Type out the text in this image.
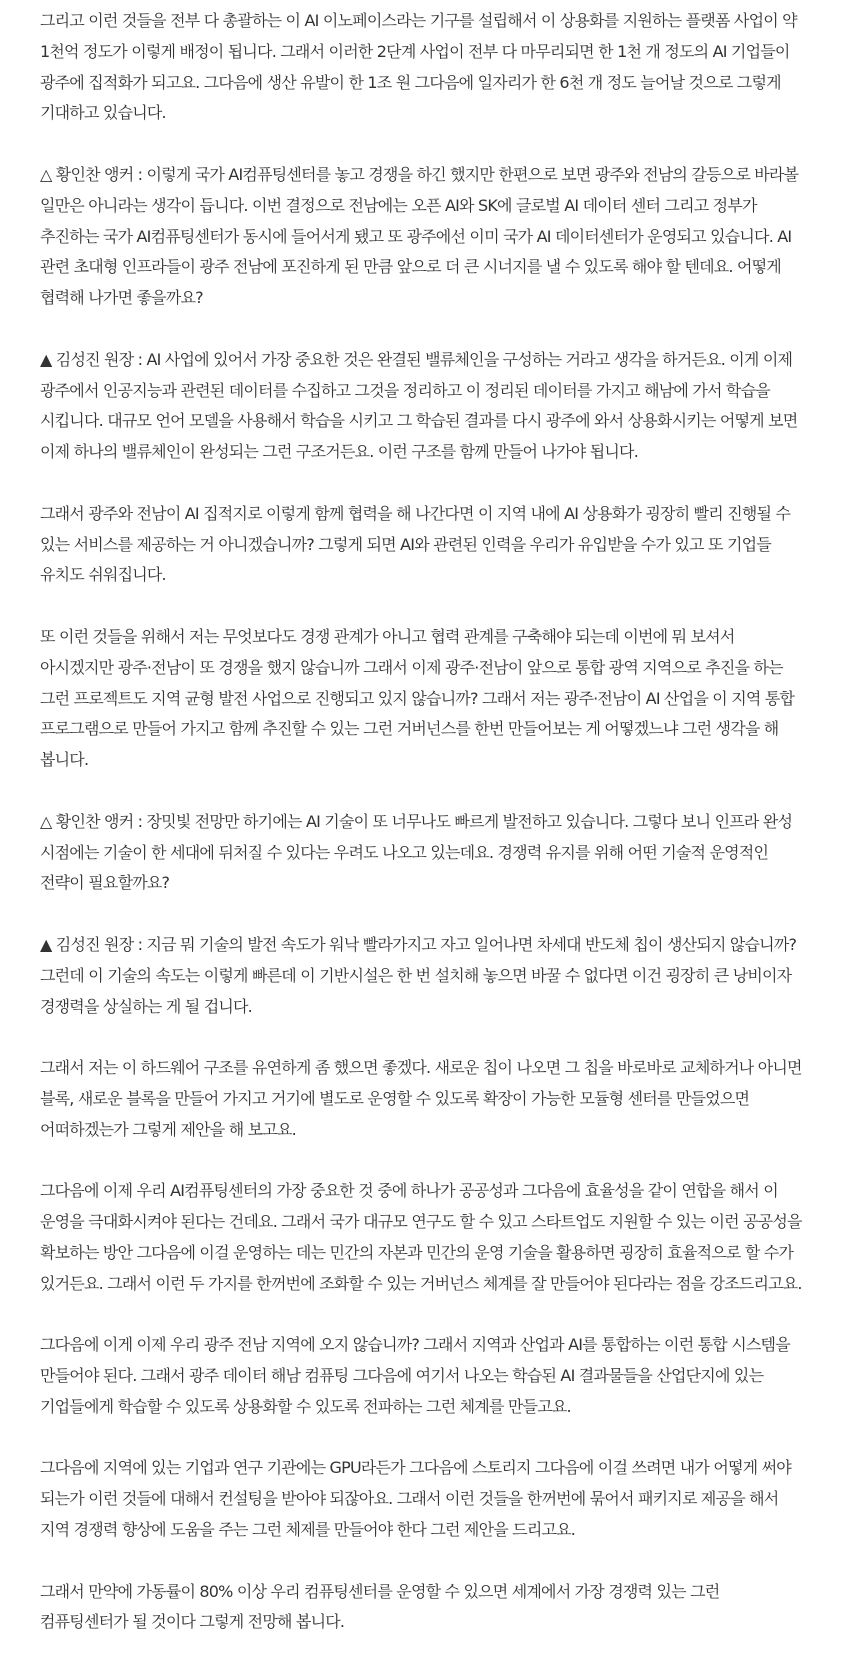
그리고 이런 것들을 전부 다 총괄하는 이 AI 이노페이스라는 기구를 설립해서 이 상용화를 지원하는 플랫폼 사업이 약 1천억 정도가 이렇게 배정이 됩니다. 그래서 이러한 2단계 사업이 전부 다 마무리되면 한 1천 개 정도의 AI 기업들이 광주에 집적화가 되고요. 그다음에 생산 유발이 한 1조 원 그다음에 일자리가 한 6천 개 정도 늘어날 것으로 그렇게 기대하고 있습니다.

△ 황인찬 앵커 : 이렇게 국가 AI컴퓨팅센터를 놓고 경쟁을 하긴 했지만 한편으로 보면 광주와 전남의 갈등으로 바라볼 일만은 아니라는 생각이 듭니다. 이번 결정으로 전남에는 오픈 AI와 SK에 글로벌 AI 데이터 센터 그리고 정부가 추진하는 국가 AI컴퓨팅센터가 동시에 들어서게 됐고 또 광주에선 이미 국가 AI 데이터센터가 운영되고 있습니다. AI 관련 초대형 인프라들이 광주 전남에 포진하게 된 만큼 앞으로 더 큰 시너지를 낼 수 있도록 해야 할 텐데요. 어떻게 협력해 나가면 좋을까요?

▲ 김성진 원장 : AI 사업에 있어서 가장 중요한 것은 완결된 밸류체인을 구성하는 거라고 생각을 하거든요. 이게 이제 광주에서 인공지능과 관련된 데이터를 수집하고 그것을 정리하고 이 정리된 데이터를 가지고 해남에 가서 학습을 시킵니다. 대규모 언어 모델을 사용해서 학습을 시키고 그 학습된 결과를 다시 광주에 와서 상용화시키는 어떻게 보면 이제 하나의 밸류체인이 완성되는 그런 구조거든요. 이런 구조를 함께 만들어 나가야 됩니다.

그래서 광주와 전남이 AI 집적지로 이렇게 함께 협력을 해 나간다면 이 지역 내에 AI 상용화가 굉장히 빨리 진행될 수 있는 서비스를 제공하는 거 아니겠습니까? 그렇게 되면 AI와 관련된 인력을 우리가 유입받을 수가 있고 또 기업들 유치도 쉬워집니다.

또 이런 것들을 위해서 저는 무엇보다도 경쟁 관계가 아니고 협력 관계를 구축해야 되는데 이번에 뭐 보셔서 아시겠지만 광주·전남이 또 경쟁을 했지 않습니까 그래서 이제 광주·전남이 앞으로 통합 광역 지역으로 추진을 하는 그런 프로젝트도 지역 균형 발전 사업으로 진행되고 있지 않습니까? 그래서 저는 광주·전남이 AI 산업을 이 지역 통합 프로그램으로 만들어 가지고 함께 추진할 수 있는 그런 거버넌스를 한번 만들어보는 게 어떻겠느냐 그런 생각을 해 봅니다.

△ 황인찬 앵커 : 장밋빛 전망만 하기에는 AI 기술이 또 너무나도 빠르게 발전하고 있습니다. 그렇다 보니 인프라 완성 시점에는 기술이 한 세대에 뒤처질 수 있다는 우려도 나오고 있는데요. 경쟁력 유지를 위해 어떤 기술적 운영적인 전략이 필요할까요?

▲ 김성진 원장 : 지금 뭐 기술의 발전 속도가 워낙 빨라가지고 자고 일어나면 차세대 반도체 칩이 생산되지 않습니까? 그런데 이 기술의 속도는 이렇게 빠른데 이 기반시설은 한 번 설치해 놓으면 바꿀 수 없다면 이건 굉장히 큰 낭비이자 경쟁력을 상실하는 게 될 겁니다.

그래서 저는 이 하드웨어 구조를 유연하게 좀 했으면 좋겠다. 새로운 칩이 나오면 그 칩을 바로바로 교체하거나 아니면 블록, 새로운 블록을 만들어 가지고 거기에 별도로 운영할 수 있도록 확장이 가능한 모듈형 센터를 만들었으면 어떠하겠는가 그렇게 제안을 해 보고요.

그다음에 이제 우리 AI컴퓨팅센터의 가장 중요한 것 중에 하나가 공공성과 그다음에 효율성을 같이 연합을 해서 이 운영을 극대화시켜야 된다는 건데요. 그래서 국가 대규모 연구도 할 수 있고 스타트업도 지원할 수 있는 이런 공공성을 확보하는 방안 그다음에 이걸 운영하는 데는 민간의 자본과 민간의 운영 기술을 활용하면 굉장히 효율적으로 할 수가 있거든요. 그래서 이런 두 가지를 한꺼번에 조화할 수 있는 거버넌스 체계를 잘 만들어야 된다라는 점을 강조드리고요.

그다음에 이게 이제 우리 광주 전남 지역에 오지 않습니까? 그래서 지역과 산업과 AI를 통합하는 이런 통합 시스템을 만들어야 된다. 그래서 광주 데이터 해남 컴퓨팅 그다음에 여기서 나오는 학습된 AI 결과물들을 산업단지에 있는 기업들에게 학습할 수 있도록 상용화할 수 있도록 전파하는 그런 체계를 만들고요.

그다음에 지역에 있는 기업과 연구 기관에는 GPU라든가 그다음에 스토리지 그다음에 이걸 쓰려면 내가 어떻게 써야 되는가 이런 것들에 대해서 컨설팅을 받아야 되잖아요. 그래서 이런 것들을 한꺼번에 묶어서 패키지로 제공을 해서 지역 경쟁력 향상에 도움을 주는 그런 체제를 만들어야 한다 그런 제안을 드리고요.

그래서 만약에 가동률이 80% 이상 우리 컴퓨팅센터를 운영할 수 있으면 세계에서 가장 경쟁력 있는 그런 컴퓨팅센터가 될 것이다 그렇게 전망해 봅니다.
